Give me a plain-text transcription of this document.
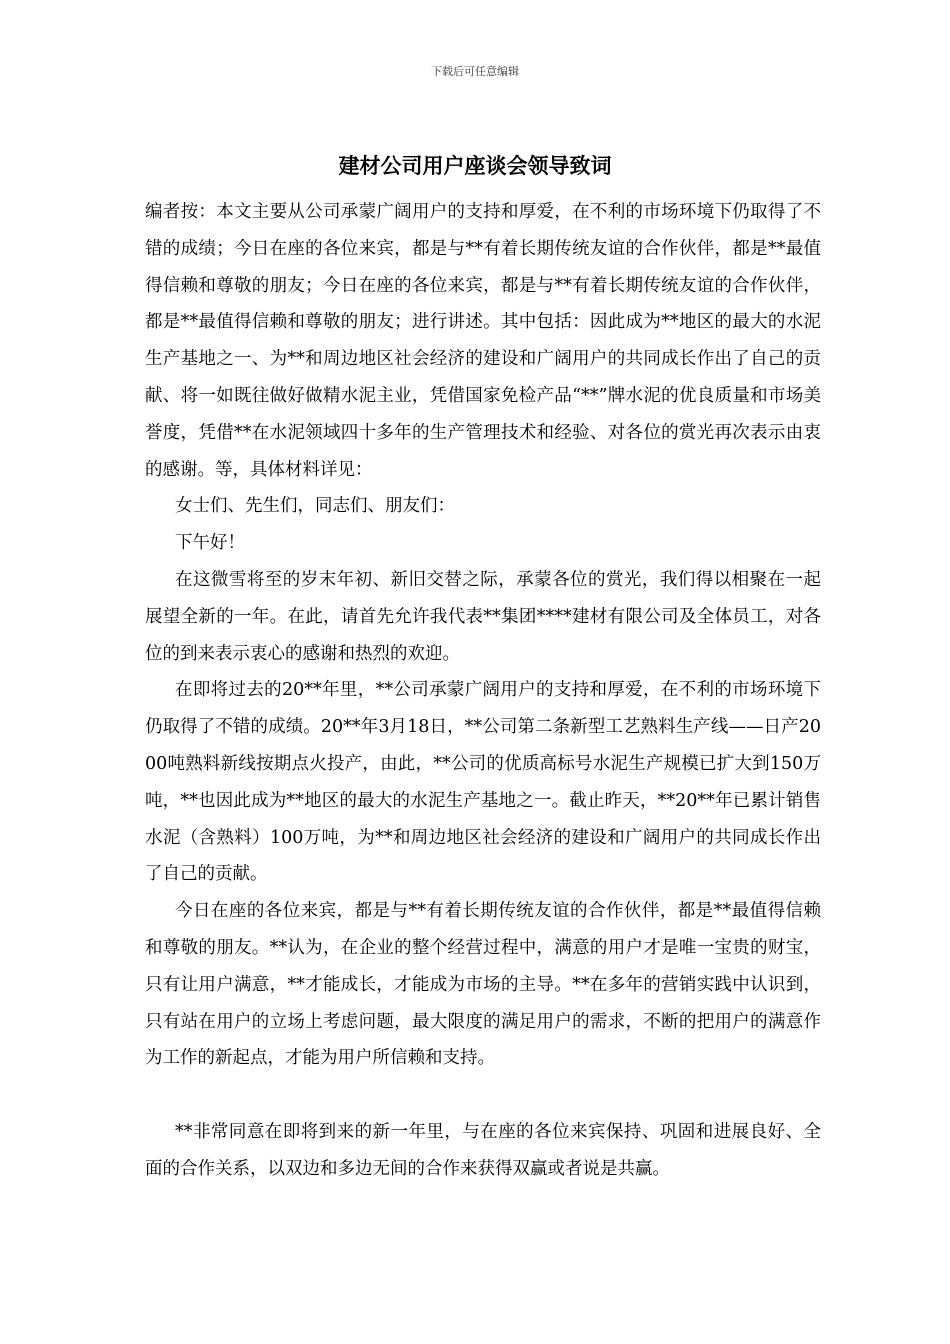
下载后可任意编辑
建材公司用户座谈会领导致词

编者按：本文主要从公司承蒙广阔用户的支持和厚爱，在不利的市场环境下仍取得了不错的成绩；今日在座的各位来宾，都是与**有着长期传统友谊的合作伙伴，都是**最值得信赖和尊敬的朋友；今日在座的各位来宾，都是与**有着长期传统友谊的合作伙伴，都是**最值得信赖和尊敬的朋友；进行讲述。其中包括：因此成为**地区的最大的水泥生产基地之一、为**和周边地区社会经济的建设和广阔用户的共同成长作出了自己的贡献、将一如既往做好做精水泥主业，凭借国家免检产品“**”牌水泥的优良质量和市场美誉度，凭借**在水泥领域四十多年的生产管理技术和经验、对各位的赏光再次表示由衷的感谢。等，具体材料详见：

女士们、先生们，同志们、朋友们：

下午好！

在这微雪将至的岁末年初、新旧交替之际，承蒙各位的赏光，我们得以相聚在一起展望全新的一年。在此，请首先允许我代表**集团****建材有限公司及全体员工，对各位的到来表示衷心的感谢和热烈的欢迎。

在即将过去的20**年里，**公司承蒙广阔用户的支持和厚爱，在不利的市场环境下仍取得了不错的成绩。20**年3月18日，**公司第二条新型工艺熟料生产线——日产2000吨熟料新线按期点火投产，由此，**公司的优质高标号水泥生产规模已扩大到150万吨，**也因此成为**地区的最大的水泥生产基地之一。截止昨天，**20**年已累计销售水泥（含熟料）100万吨，为**和周边地区社会经济的建设和广阔用户的共同成长作出了自己的贡献。

今日在座的各位来宾，都是与**有着长期传统友谊的合作伙伴，都是**最值得信赖和尊敬的朋友。**认为，在企业的整个经营过程中，满意的用户才是唯一宝贵的财宝，只有让用户满意，**才能成长，才能成为市场的主导。**在多年的营销实践中认识到，只有站在用户的立场上考虑问题，最大限度的满足用户的需求，不断的把用户的满意作为工作的新起点，才能为用户所信赖和支持。

**非常同意在即将到来的新一年里，与在座的各位来宾保持、巩固和进展良好、全面的合作关系，以双边和多边无间的合作来获得双赢或者说是共赢。
